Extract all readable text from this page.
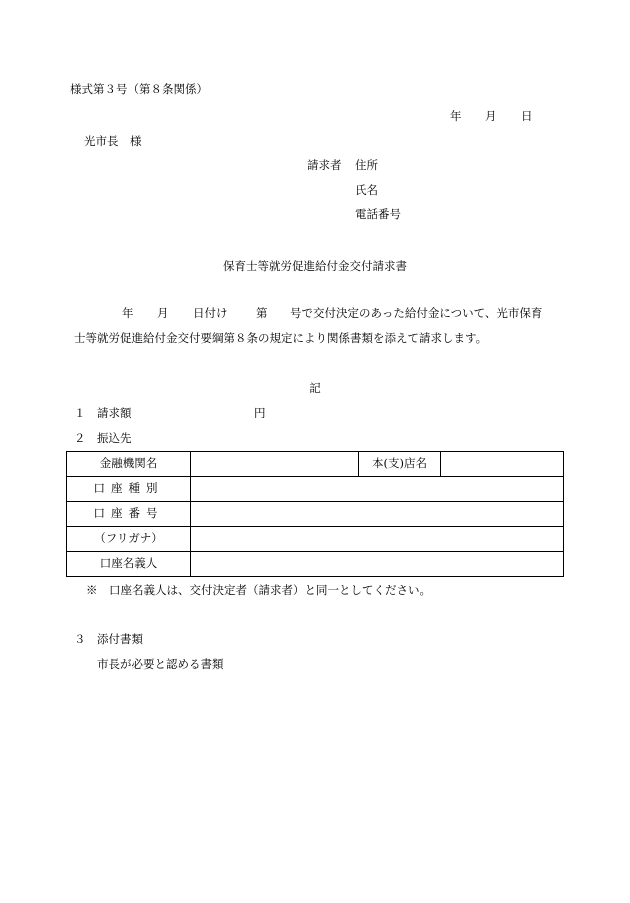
様式第３号（第８条関係）
年 月 日
光市長　様
請求者 住所
氏名
電話番号
保育士等就労促進給付金交付請求書
年 月 日付け 第 号で交付決定のあった給付金について、光市保育
士等就労促進給付金交付要綱第８条の規定により関係書類を添えて請求します。
記
１ 請求額	円
２ 振込先
金融機関名		本(支)店名	
口座種別			
口座番号			
（フリガナ）			
口座名義人			
※　口座名義人は、交付決定者（請求者）と同一としてください。
３ 添付書類
市長が必要と認める書類
